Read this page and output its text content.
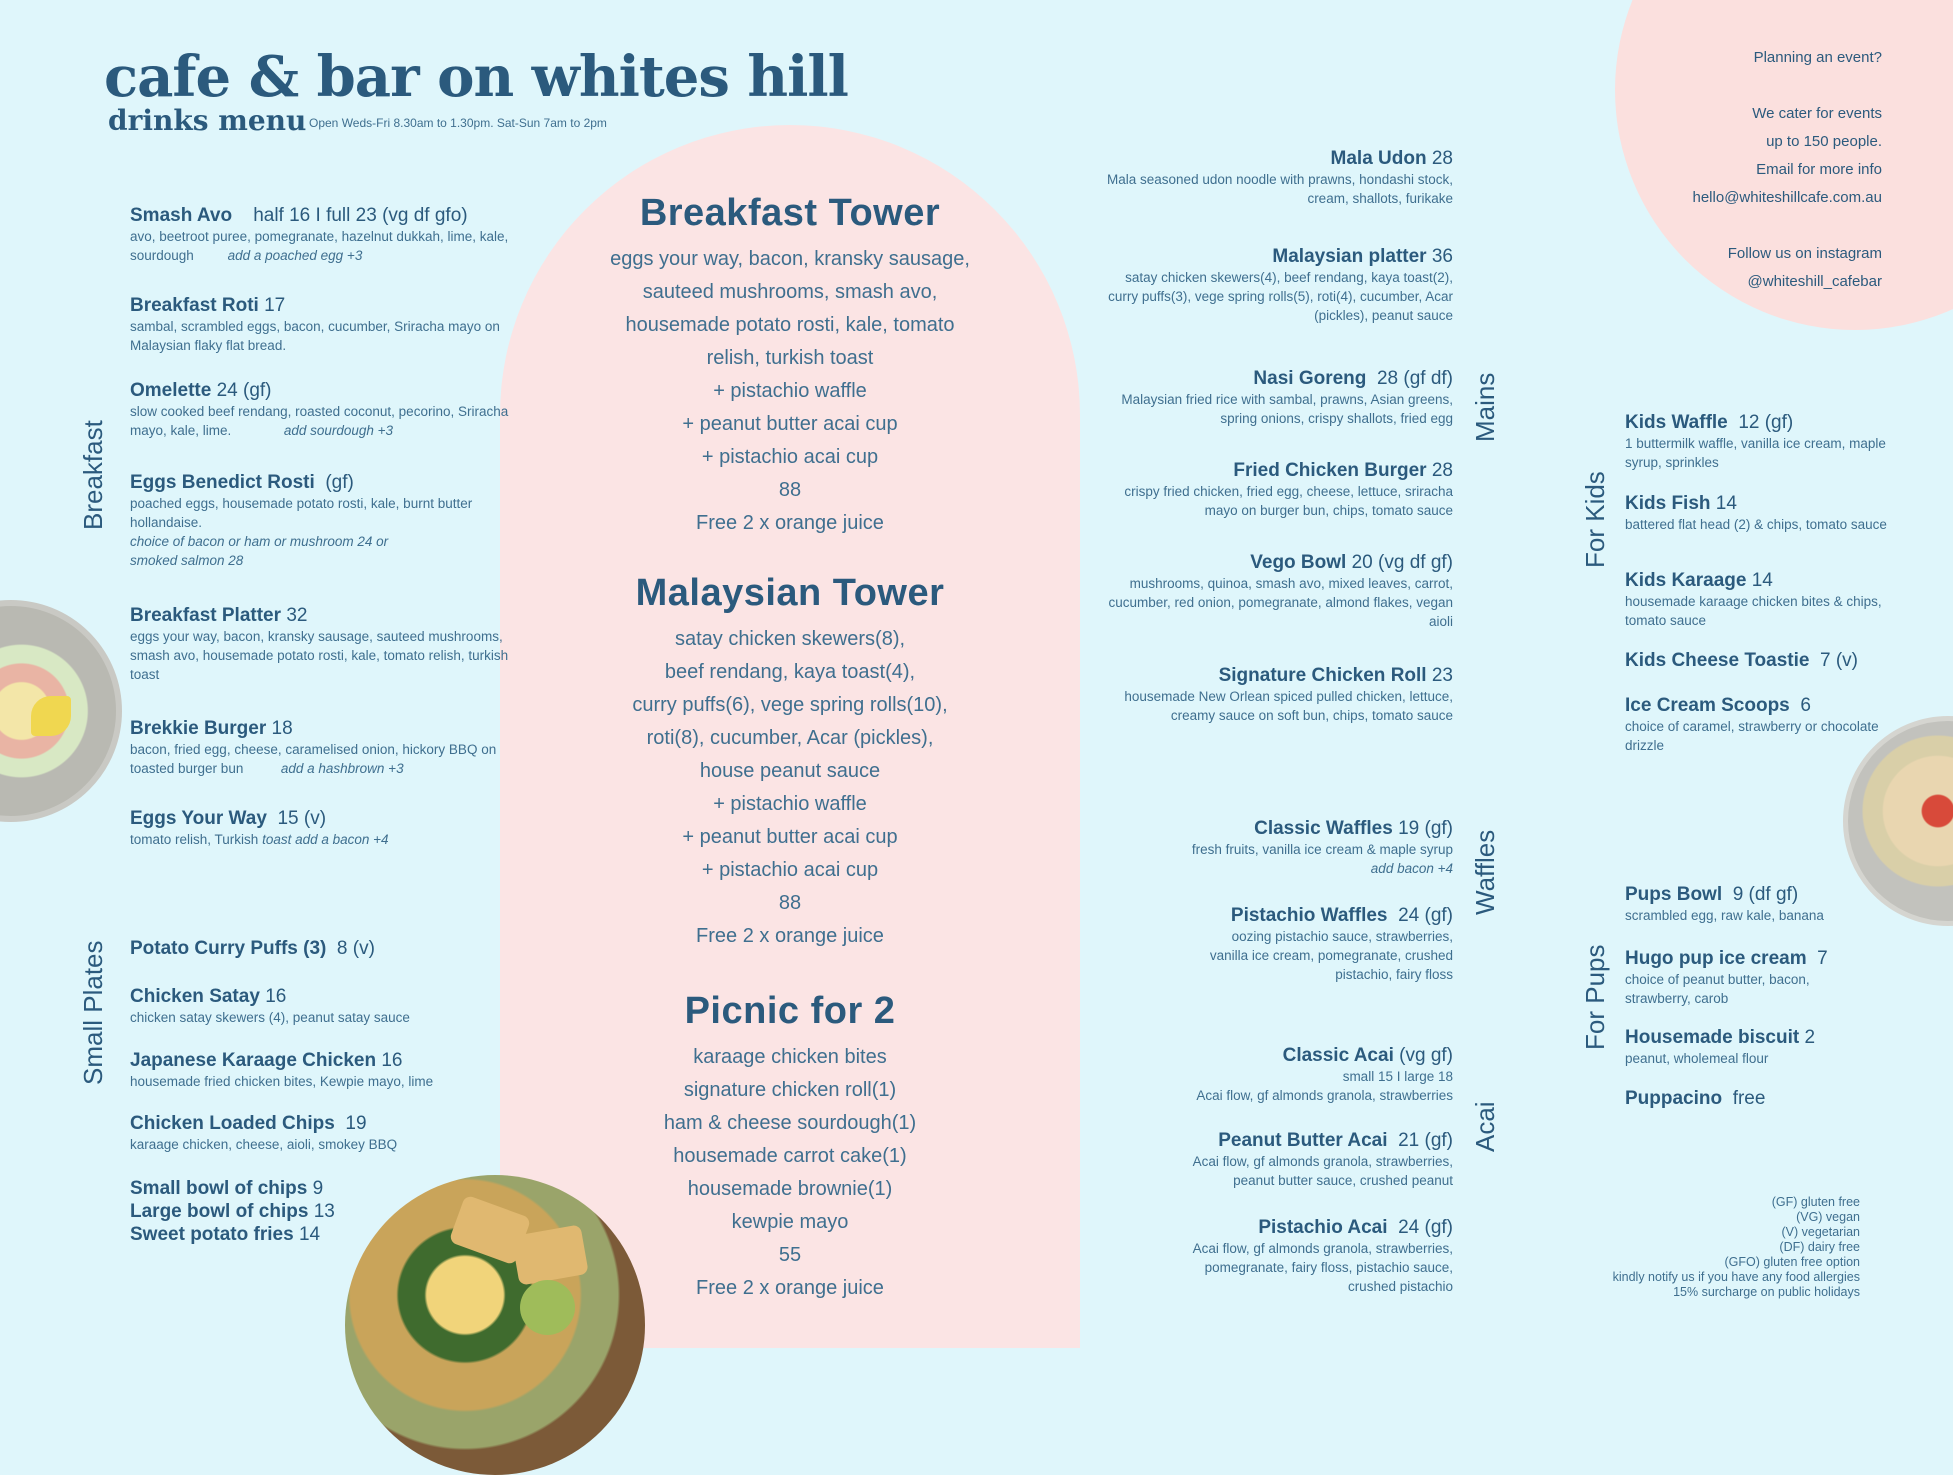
cafe & bar on whites hill
drinks menu Open Weds-Fri 8.30am to 1.30pm. Sat-Sun 7am to 2pm
Breakfast
Small Plates
Mains
Waffles
Acai
For Kids
For Pups
Smash Avo half 16 I full 23 (vg df gfo)
avo, beetroot puree, pomegranate, hazelnut dukkah, lime, kale, sourdough	add a poached egg +3
Breakfast Roti 17
sambal, scrambled eggs, bacon, cucumber, Sriracha mayo on Malaysian flaky flat bread.
Omelette 24 (gf)
slow cooked beef rendang, roasted coconut, pecorino, Sriracha mayo, kale, lime.	add sourdough +3
Eggs Benedict Rosti (gf)
poached eggs, housemade potato rosti, kale, burnt butter hollandaise.
choice of bacon or ham or mushroom 24 or smoked salmon 28
Breakfast Platter 32
eggs your way, bacon, kransky sausage, sauteed mushrooms, smash avo, housemade potato rosti, kale, tomato relish, turkish toast
Brekkie Burger 18
bacon, fried egg, cheese, caramelised onion, hickory BBQ on toasted burger bun	add a hashbrown +3
Eggs Your Way 15 (v)
tomato relish, Turkish toast add a bacon +4
Potato Curry Puffs (3) 8 (v)
Chicken Satay 16
chicken satay skewers (4), peanut satay sauce
Japanese Karaage Chicken 16
housemade fried chicken bites, Kewpie mayo, lime
Chicken Loaded Chips 19
karaage chicken, cheese, aioli, smokey BBQ
Small bowl of chips 9
Large bowl of chips 13
Sweet potato fries 14
Breakfast Tower
eggs your way, bacon, kransky sausage,
sauteed mushrooms, smash avo,
housemade potato rosti, kale, tomato
relish, turkish toast
+ pistachio waffle
+ peanut butter acai cup
+ pistachio acai cup
88
Free 2 x orange juice
Malaysian Tower
satay chicken skewers(8),
beef rendang, kaya toast(4),
curry puffs(6), vege spring rolls(10),
roti(8), cucumber, Acar (pickles),
house peanut sauce
+ pistachio waffle
+ peanut butter acai cup
+ pistachio acai cup
88
Free 2 x orange juice
Picnic for 2
karaage chicken bites
signature chicken roll(1)
ham & cheese sourdough(1)
housemade carrot cake(1)
housemade brownie(1)
kewpie mayo
55
Free 2 x orange juice
Mala Udon 28
Mala seasoned udon noodle with prawns, hondashi stock, cream, shallots, furikake
Malaysian platter 36
satay chicken skewers(4), beef rendang, kaya toast(2), curry puffs(3), vege spring rolls(5), roti(4), cucumber, Acar (pickles), peanut sauce
Nasi Goreng 28 (gf df)
Malaysian fried rice with sambal, prawns, Asian greens, spring onions, crispy shallots, fried egg
Fried Chicken Burger 28
crispy fried chicken, fried egg, cheese, lettuce, sriracha mayo on burger bun, chips, tomato sauce
Vego Bowl 20 (vg df gf)
mushrooms, quinoa, smash avo, mixed leaves, carrot, cucumber, red onion, pomegranate, almond flakes, vegan aioli
Signature Chicken Roll 23
housemade New Orlean spiced pulled chicken, lettuce, creamy sauce on soft bun, chips, tomato sauce
Classic Waffles 19 (gf)
fresh fruits, vanilla ice cream & maple syrup
add bacon +4
Pistachio Waffles 24 (gf)
oozing pistachio sauce, strawberries, vanilla ice cream, pomegranate, crushed pistachio, fairy floss
Classic Acai (vg gf)
small 15 I large 18
Acai flow, gf almonds granola, strawberries
Peanut Butter Acai 21 (gf)
Acai flow, gf almonds granola, strawberries, peanut butter sauce, crushed peanut
Pistachio Acai 24 (gf)
Acai flow, gf almonds granola, strawberries, pomegranate, fairy floss, pistachio sauce, crushed pistachio
Kids Waffle 12 (gf)
1 buttermilk waffle, vanilla ice cream, maple syrup, sprinkles
Kids Fish 14
battered flat head (2) & chips, tomato sauce
Kids Karaage 14
housemade karaage chicken bites & chips, tomato sauce
Kids Cheese Toastie 7 (v)
Ice Cream Scoops 6
choice of caramel, strawberry or chocolate drizzle
Pups Bowl 9 (df gf)
scrambled egg, raw kale, banana
Hugo pup ice cream 7
choice of peanut butter, bacon, strawberry, carob
Housemade biscuit 2
peanut, wholemeal flour
Puppacino free
Planning an event?
We cater for events
up to 150 people.
Email for more info
hello@whiteshillcafe.com.au
Follow us on instagram
@whiteshill_cafebar
(GF) gluten free
(VG) vegan
(V) vegetarian
(DF) dairy free
(GFO) gluten free option
kindly notify us if you have any food allergies
15% surcharge on public holidays
